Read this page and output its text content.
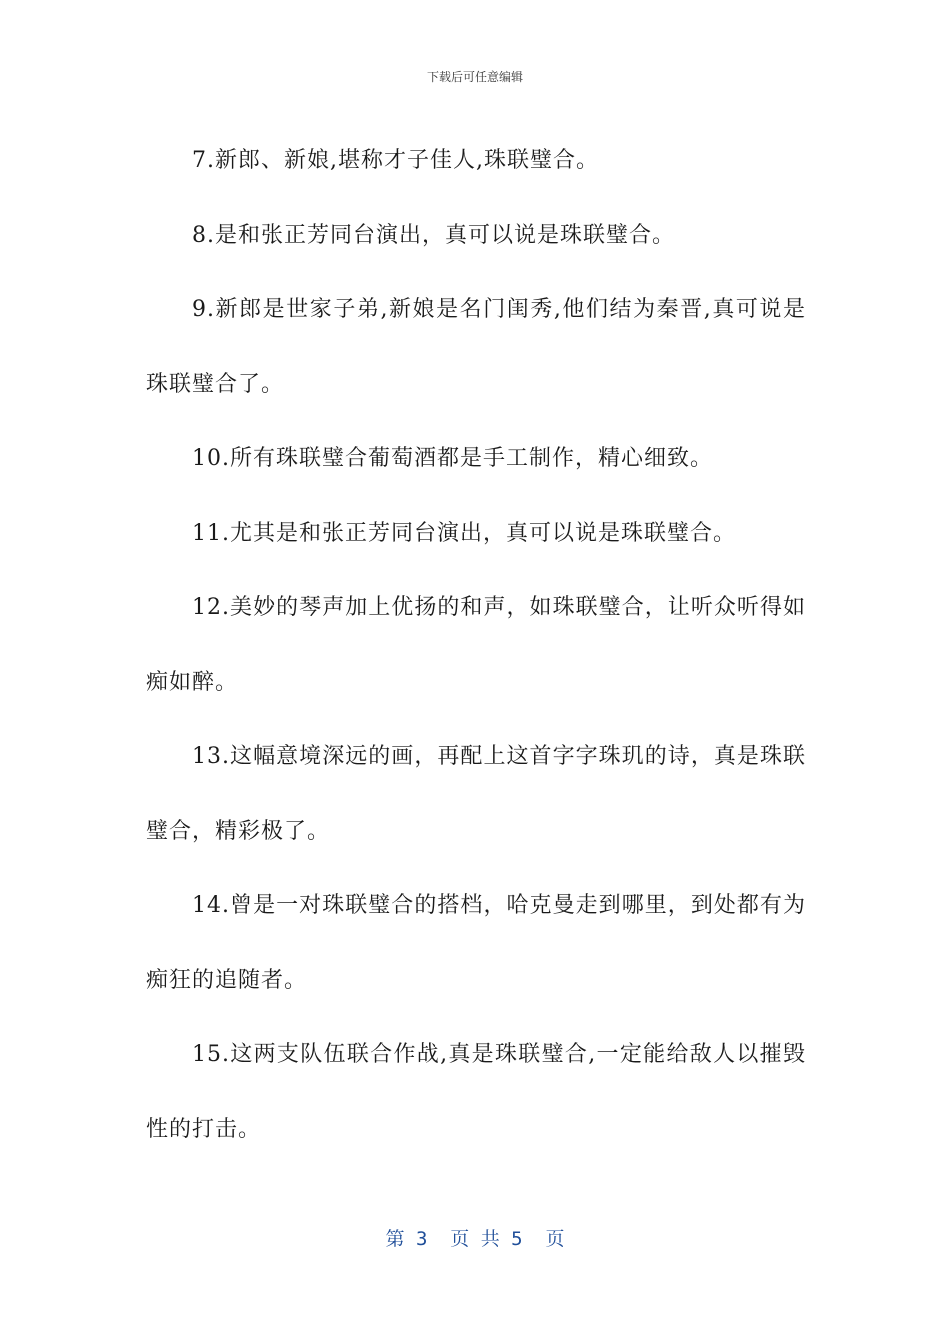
下载后可任意编辑

7.新郎、新娘,堪称才子佳人,珠联璧合。

8.是和张正芳同台演出，真可以说是珠联璧合。

9.新郎是世家子弟,新娘是名门闺秀,他们结为秦晋,真可说是珠联璧合了。

10.所有珠联璧合葡萄酒都是手工制作，精心细致。

11.尤其是和张正芳同台演出，真可以说是珠联璧合。

12.美妙的琴声加上优扬的和声，如珠联璧合，让听众听得如痴如醉。

13.这幅意境深远的画，再配上这首字字珠玑的诗，真是珠联璧合，精彩极了。

14.曾是一对珠联璧合的搭档，哈克曼走到哪里，到处都有为痴狂的追随者。

15.这两支队伍联合作战,真是珠联璧合,一定能给敌人以摧毁性的打击。

第 3  页 共 5  页
